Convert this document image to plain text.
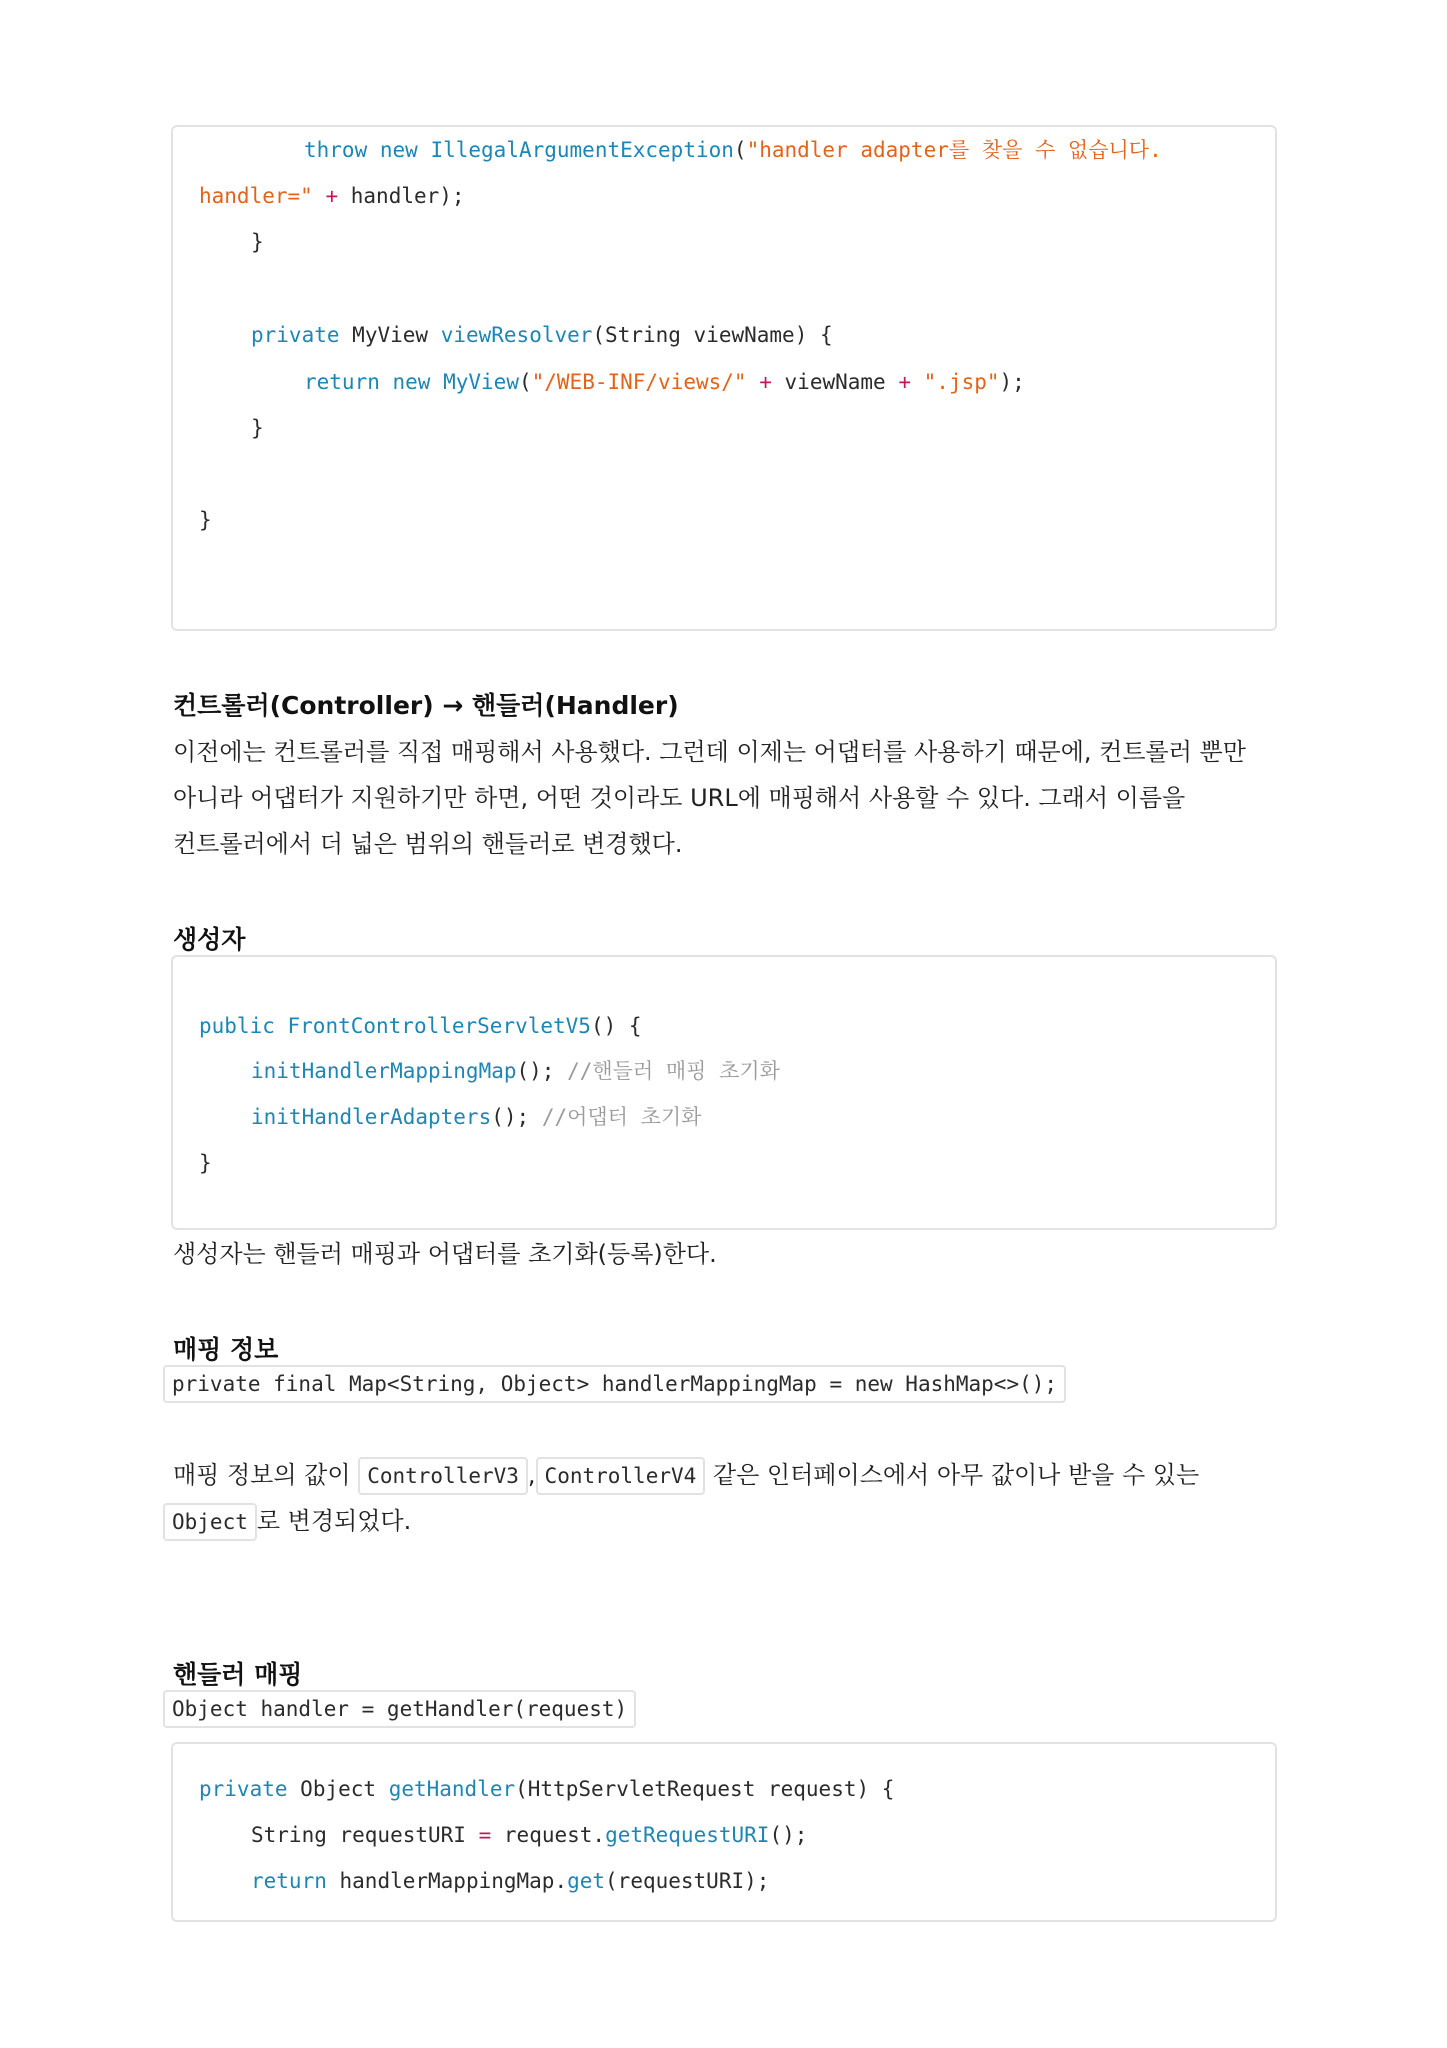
throw new IllegalArgumentException("handler adapter를 찾을 수 없습니다.
handler=" + handler);
}
private MyView viewResolver(String viewName) {
return new MyView("/WEB-INF/views/" + viewName + ".jsp");
}
}
컨트롤러(Controller) → 핸들러(Handler)
이전에는 컨트롤러를 직접 매핑해서 사용했다. 그런데 이제는 어댑터를 사용하기 때문에, 컨트롤러 뿐만
아니라 어댑터가 지원하기만 하면, 어떤 것이라도 URL에 매핑해서 사용할 수 있다. 그래서 이름을
컨트롤러에서 더 넓은 범위의 핸들러로 변경했다.
생성자
public FrontControllerServletV5() {
initHandlerMappingMap(); //핸들러 매핑 초기화
initHandlerAdapters(); //어댑터 초기화
}
생성자는 핸들러 매핑과 어댑터를 초기화(등록)한다.
매핑 정보
private final Map<String, Object> handlerMappingMap = new HashMap<>();
매핑 정보의 값이 ControllerV3 , ControllerV4 같은 인터페이스에서 아무 값이나 받을 수 있는
Object 로 변경되었다.
핸들러 매핑
Object handler = getHandler(request)
private Object getHandler(HttpServletRequest request) {
String requestURI = request.getRequestURI();
return handlerMappingMap.get(requestURI);
